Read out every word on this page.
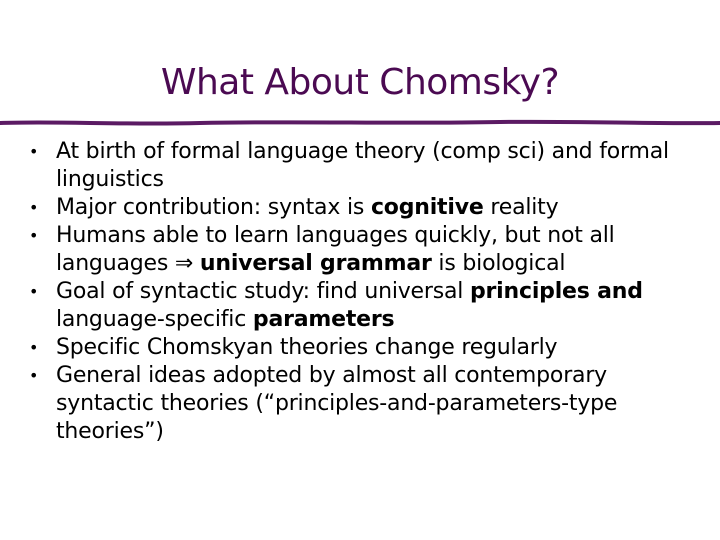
What About Chomsky?
• At birth of formal language theory (comp sci) and formal linguistics
• Major contribution: syntax is cognitive reality
• Humans able to learn languages quickly, but not all languages ⇒ universal grammar is biological
• Goal of syntactic study: find universal principles and language-specific parameters
• Specific Chomskyan theories change regularly
• General ideas adopted by almost all contemporary syntactic theories (“principles-and-parameters-type theories”)
